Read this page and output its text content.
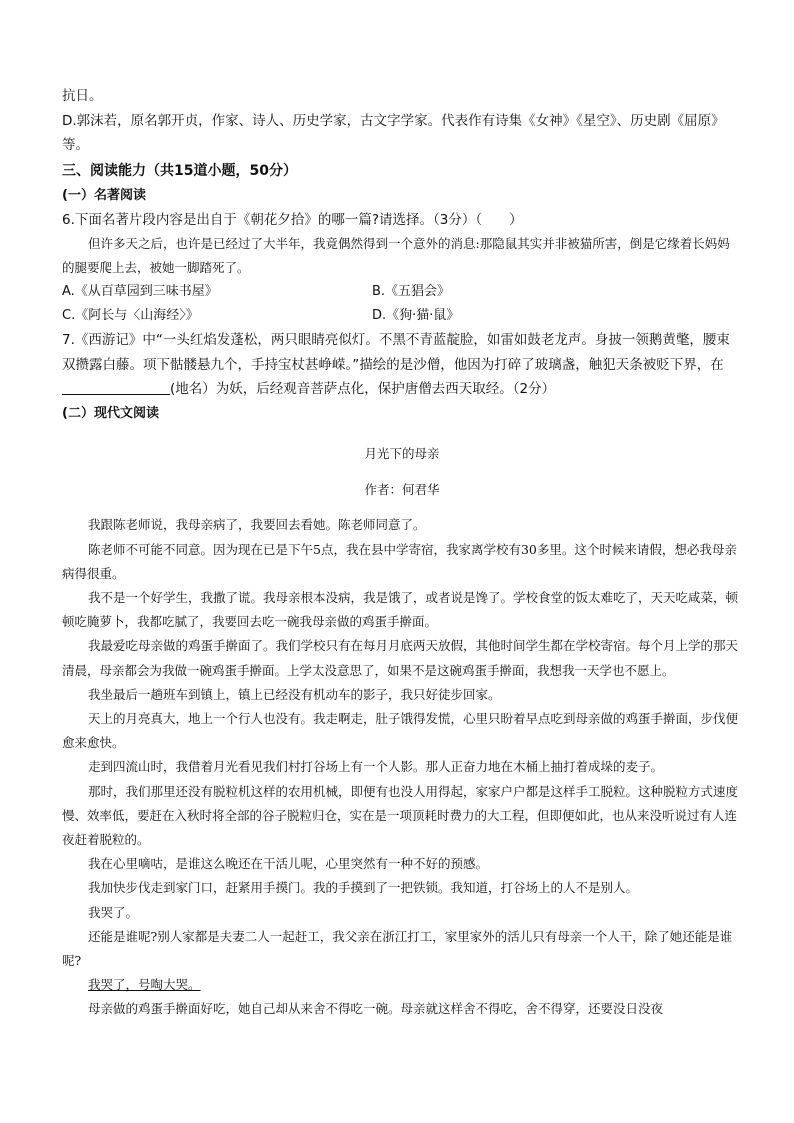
抗日。

D.郭沫若，原名郭开贞，作家、诗人、历史学家，古文字学家。代表作有诗集《女神》《星空》、历史剧《屈原》等。

三、阅读能力（共15道小题，50分）

(一）名著阅读

6.下面名著片段内容是出自于《朝花夕拾》的哪一篇?请选择。（3分）（　　）

但许多天之后，也许是已经过了大半年，我竟偶然得到一个意外的消息:那隐鼠其实并非被猫所害，倒是它缘着长妈妈的腿要爬上去，被她一脚踏死了。

A.《从百草园到三味书屋》	B.《五猖会》
C.《阿长与〈山海经〉》	D.《狗·猫·鼠》

7.《西游记》中“一头红焰发蓬松，两只眼睛亮似灯。不黑不青蓝靛脸，如雷如鼓老龙声。身披一领鹅黄氅，腰束双攒露白藤。项下骷髅悬九个，手持宝杖甚峥嵘。”描绘的是沙僧，他因为打碎了玻璃盏，触犯天条被贬下界，在(地名）为妖，后经观音菩萨点化，保护唐僧去西天取经。（2分）

(二）现代文阅读

月光下的母亲

作者：何君华

我跟陈老师说，我母亲病了，我要回去看她。陈老师同意了。

陈老师不可能不同意。因为现在已是下午5点，我在县中学寄宿，我家离学校有30多里。这个时候来请假，想必我母亲病得很重。

我不是一个好学生，我撒了谎。我母亲根本没病，我是饿了，或者说是馋了。学校食堂的饭太难吃了，天天吃咸菜，顿顿吃腌萝卜，我都吃腻了，我要回去吃一碗我母亲做的鸡蛋手擀面。

我最爱吃母亲做的鸡蛋手擀面了。我们学校只有在每月月底两天放假，其他时间学生都在学校寄宿。每个月上学的那天清晨，母亲都会为我做一碗鸡蛋手擀面。上学太没意思了，如果不是这碗鸡蛋手擀面，我想我一天学也不愿上。

我坐最后一趟班车到镇上，镇上已经没有机动车的影子，我只好徒步回家。

天上的月亮真大，地上一个行人也没有。我走啊走，肚子饿得发慌，心里只盼着早点吃到母亲做的鸡蛋手擀面，步伐便愈来愈快。

走到四流山时，我借着月光看见我们村打谷场上有一个人影。那人正奋力地在木桶上抽打着成垛的麦子。

那时，我们那里还没有脱粒机这样的农用机械，即便有也没人用得起，家家户户都是这样手工脱粒。这种脱粒方式速度慢、效率低，要赶在入秋时将全部的谷子脱粒归仓，实在是一项顶耗时费力的大工程，但即便如此，也从来没听说过有人连夜赶着脱粒的。

我在心里嘀咕，是谁这么晚还在干活儿呢，心里突然有一种不好的预感。

我加快步伐走到家门口，赶紧用手摸门。我的手摸到了一把铁锁。我知道，打谷场上的人不是别人。

我哭了。

还能是谁呢?别人家都是夫妻二人一起赶工，我父亲在浙江打工，家里家外的活儿只有母亲一个人干，除了她还能是谁呢?

我哭了，号啕大哭。

母亲做的鸡蛋手擀面好吃，她自己却从来舍不得吃一碗。母亲就这样舍不得吃，舍不得穿，还要没日没夜
